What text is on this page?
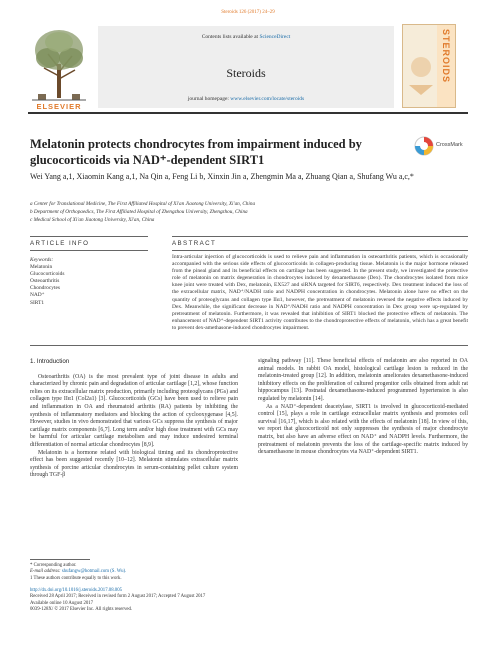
Steroids 126 (2017) 24–29
ELSEVIER
Contents lists available at ScienceDirect
Steroids
journal homepage: www.elsevier.com/locate/steroids
STEROIDS
Melatonin protects chondrocytes from impairment induced by glucocorticoids via NAD⁺-dependent SIRT1
CrossMark
Wei Yang a,1, Xiaomin Kang a,1, Na Qin a, Feng Li b, Xinxin Jin a, Zhengmin Ma a, Zhuang Qian a, Shufang Wu a,c,*
a Center for Translational Medicine, The First Affiliated Hospital of Xi'an Jiaotong University, Xi'an, China
b Department of Orthopaedics, The First Affiliated Hospital of Zhengzhou University, Zhengzhou, China
c Medical School of Xi'an Jiaotong University, Xi'an, China
ARTICLE INFO	ABSTRACT
Keywords:
Melatonin
Glucocorticoids
Osteoarthritis
Chondrocytes
NAD⁺
SIRT1
Intra-articular injection of glucocorticoids is used to relieve pain and inflammation in osteoarthritis patients, which is occasionally accompanied with the serious side effects of glucocorticoids in collagen-producing tissue. Melatonin is the major hormone released from the pineal gland and its beneficial effects on cartilage has been suggested. In the present study, we investigated the protective role of melatonin on matrix degeneration in chondrocytes induced by dexamethasone (Dex). The chondrocytes isolated from mice knee joint were treated with Dex, melatonin, EX527 and siRNA targeted for SIRT6, respectively. Dex treatment induced the loss of the extracellular matrix, NAD⁺/NADH ratio and NADPH concentration in chondrocytes. Melatonin alone have no effect on the quantity of proteoglycans and collagen type IIα1, however, the pretreatment of melatonin reversed the negative effects induced by Dex. Meanwhile, the significant decrease in NAD⁺/NADH ratio and NADPH concentration in Dex group were up-regulated by pretreatment of melatonin. Furthermore, it was revealed that inhibition of SIRT1 blocked the protective effects of melatonin. The enhancement of NAD⁺-dependent SIRT1 activity contributes to the chondroprotective effects of melatonin, which has a great benefit to prevent dex-amethasone-induced chondrocytes impairment.
1. Introduction

Osteoarthritis (OA) is the most prevalent type of joint disease in adults and characterized by chronic pain and degradation of articular cartilage [1,2], whose function relies on its extracellular matrix production, primarily including proteoglycans (PGs) and collagen type IIα1 (Col2a1) [3]. Glucocorticoids (GCs) have been used to relieve pain and inflammation in OA and rheumatoid arthritis (RA) patients by inhibiting the synthesis of inflammatory mediators and blocking the action of cyclooxygenase [4,5]. However, studies in vivo demonstrated that various GCs suppress the synthesis of major cartilage matrix components [6,7]. Long term and/or high dose treatment with GCs may be harmful for articular cartilage metabolism and may induce undesired terminal differentiation of normal articular chondrocytes [8,9].

Melatonin is a hormone related with biological timing and its chondroprotective effect has been suggested recently [10–12]. Melatonin stimulates extracellular matrix synthesis of porcine articular chondrocytes in serum-containing pellet culture system through TGF-β

signaling pathway [11]. These beneficial effects of melatonin are also reported in OA animal models. In rabbit OA model, histological cartilage lesion is reduced in the melatonin-treated group [12]. In addition, melatonin ameliorates dexamethasone-induced inhibitory effects on the proliferation of cultured progenitor cells obtained from adult rat hippocampus [13]. Postnatal dexamethasone-induced programmed hypertension is also regulated by melatonin [14].

As a NAD⁺-dependent deacetylase, SIRT1 is involved in glucocorticoid-mediated control [15], plays a role in cartilage extracellular matrix synthesis and promotes cell survival [16,17], which is also related with the effects of melatonin [18]. In view of this, we report that glucocorticoid not only suppresses the synthesis of major chondrocyte matrix, but also have an adverse effect on NAD⁺ and NADPH levels. Furthermore, the pretreatment of melatonin prevents the loss of the cartilage-specific matrix induced by dexamethasone in mouse chondrocytes via NAD⁺-dependent SIRT1.

* Corresponding author.
E-mail address: shufangw@hotmail.com (S. Wu).
1 These authors contribute equally to this work.
http://dx.doi.org/10.1016/j.steroids.2017.08.005
Received 28 April 2017; Received in revised form 2 August 2017; Accepted 7 August 2017
Available online 10 August 2017
0039-128X/ © 2017 Elsevier Inc. All rights reserved.
